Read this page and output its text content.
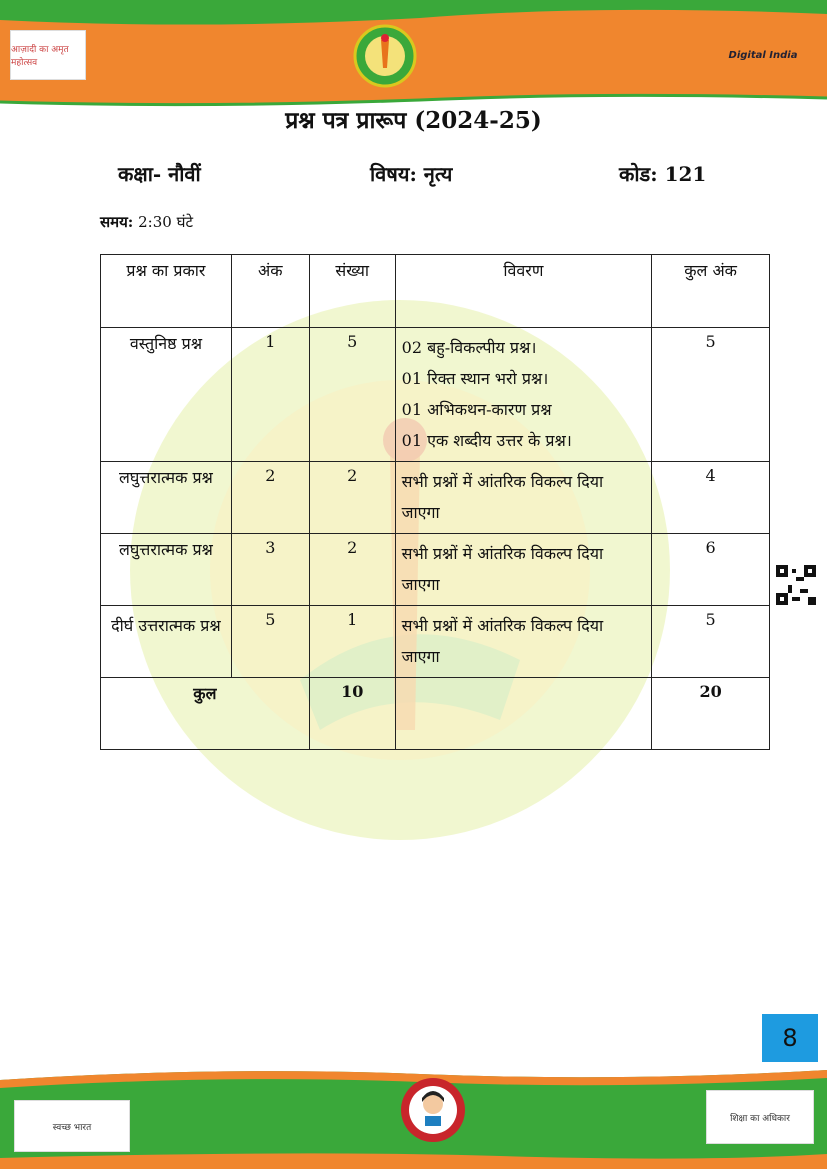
आज़ादी का अमृत महोत्सव
Digital India
प्रश्न पत्र प्रारूप (2024-25)
कक्षा- नौवीं	विषय: नृत्य	कोड: 121
समय: 2:30 घंटे
प्रश्न का प्रकार	अंक	संख्या	विवरण	कुल अंक
वस्तुनिष्ठ प्रश्न	1	5	02 बहु-विकल्पीय प्रश्न।
01 रिक्त स्थान भरो प्रश्न।
01 अभिकथन-कारण प्रश्न
01 एक शब्दीय उत्तर के प्रश्न।	5
लघुत्तरात्मक प्रश्न	2	2	सभी प्रश्नों में आंतरिक विकल्प दिया
जाएगा	4
लघुत्तरात्मक प्रश्न	3	2	सभी प्रश्नों में आंतरिक विकल्प दिया
जाएगा	6
दीर्घ उत्तरात्मक प्रश्न	5	1	सभी प्रश्नों में आंतरिक विकल्प दिया
जाएगा	5
कुल		10		20
8
स्वच्छ भारत
शिक्षा का अधिकार
